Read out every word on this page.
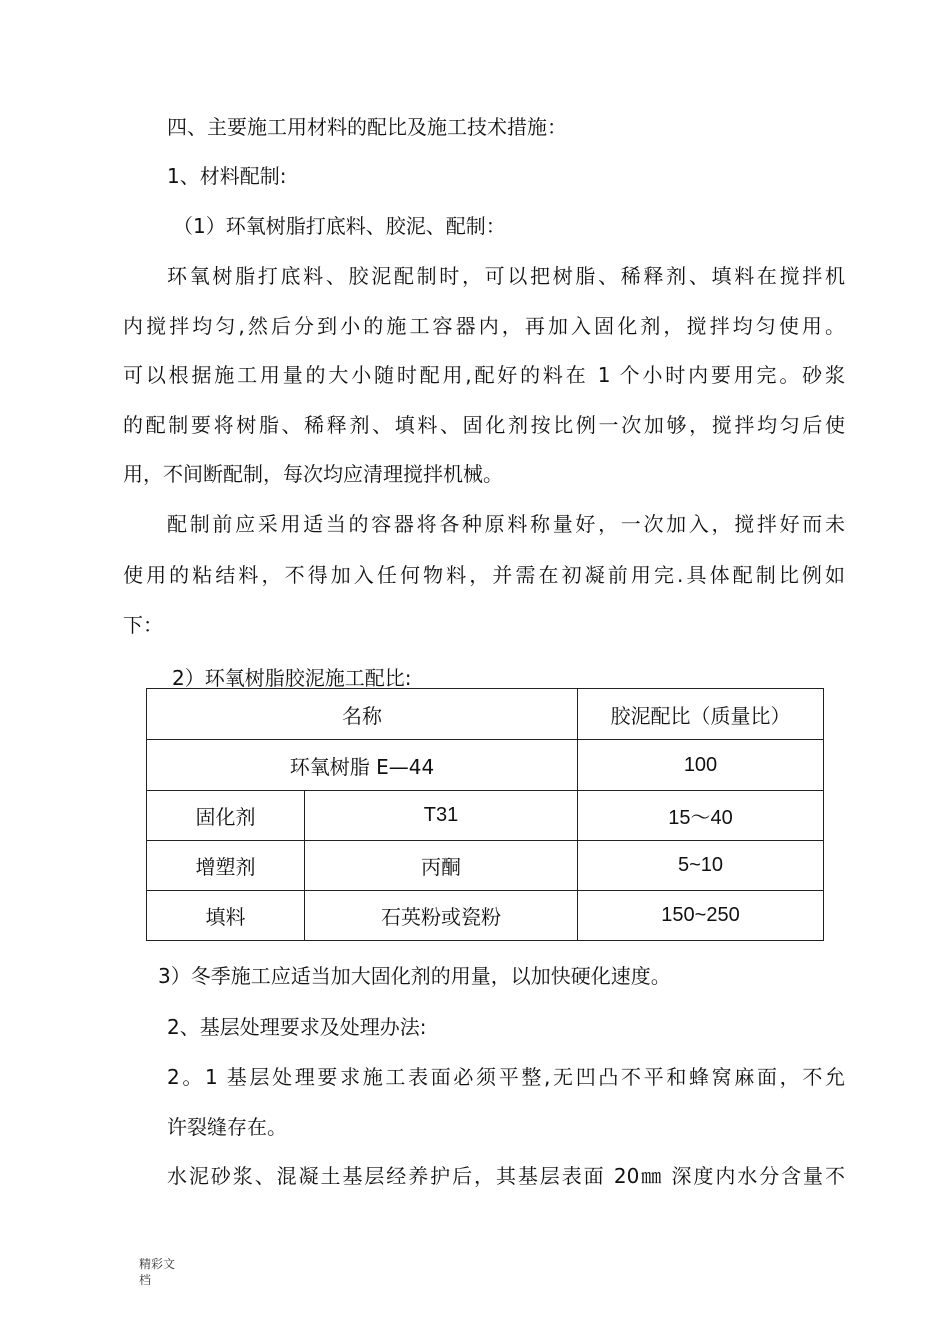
四、主要施工用材料的配比及施工技术措施：
1、材料配制:
（1）环氧树脂打底料、胶泥、配制：
环氧树脂打底料、胶泥配制时，可以把树脂、稀释剂、填料在搅拌机
内搅拌均匀,然后分到小的施工容器内，再加入固化剂，搅拌均匀使用。
可以根据施工用量的大小随时配用,配好的料在 1 个小时内要用完。砂浆
的配制要将树脂、稀释剂、填料、固化剂按比例一次加够，搅拌均匀后使
用，不间断配制，每次均应清理搅拌机械。
配制前应采用适当的容器将各种原料称量好，一次加入，搅拌好而未
使用的粘结料，不得加入任何物料，并需在初凝前用完.具体配制比例如
下：
2）环氧树脂胶泥施工配比:
名称		胶泥配比（质量比）
环氧树脂 E—44		100
固化剂	T31	15～40
增塑剂	丙酮	5~10
填料	石英粉或瓷粉	150~250
3）冬季施工应适当加大固化剂的用量，以加快硬化速度。
2、基层处理要求及处理办法:
2。1 基层处理要求施工表面必须平整,无凹凸不平和蜂窝麻面，不允
许裂缝存在。
水泥砂浆、混凝土基层经养护后，其基层表面 20㎜ 深度内水分含量不
精彩文
档
